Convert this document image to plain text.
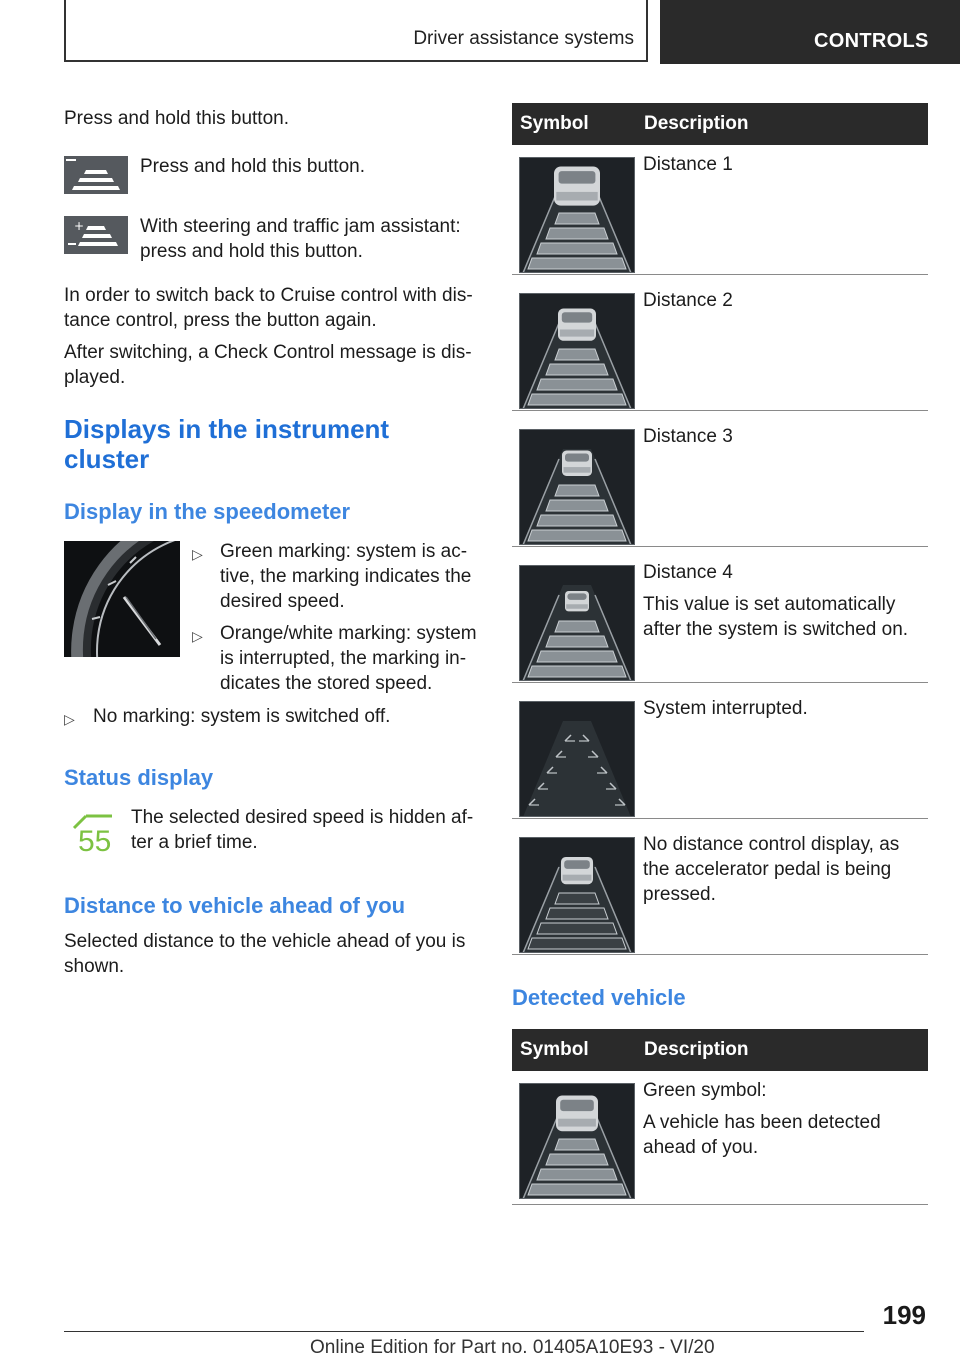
Driver assistance systems	CONTROLS
Press and hold this button.
Press and hold this button.
+	With steering and traffic jam assistant:
press and hold this button.
In order to switch back to Cruise control with dis-
tance control, press the button again.
After switching, a Check Control message is dis-
played.
Displays in the instrument
cluster
Display in the speedometer
▷ Green marking: system is ac-
tive, the marking indicates the
desired speed.
▷ Orange/white marking: system
is interrupted, the marking in-
dicates the stored speed.
▷ No marking: system is switched off.
Status display
55
The selected desired speed is hidden af-
ter a brief time.
Distance to vehicle ahead of you
Selected distance to the vehicle ahead of you is
shown.
Symbol	Description
Distance 1
Distance 2
Distance 3
Distance 4
This value is set automatically
after the system is switched on.
System interrupted.
No distance control display, as
the accelerator pedal is being
pressed.
Detected vehicle
Symbol	Description
Green symbol:
A vehicle has been detected
ahead of you.
199
Online Edition for Part no. 01405A10E93 - VI/20
